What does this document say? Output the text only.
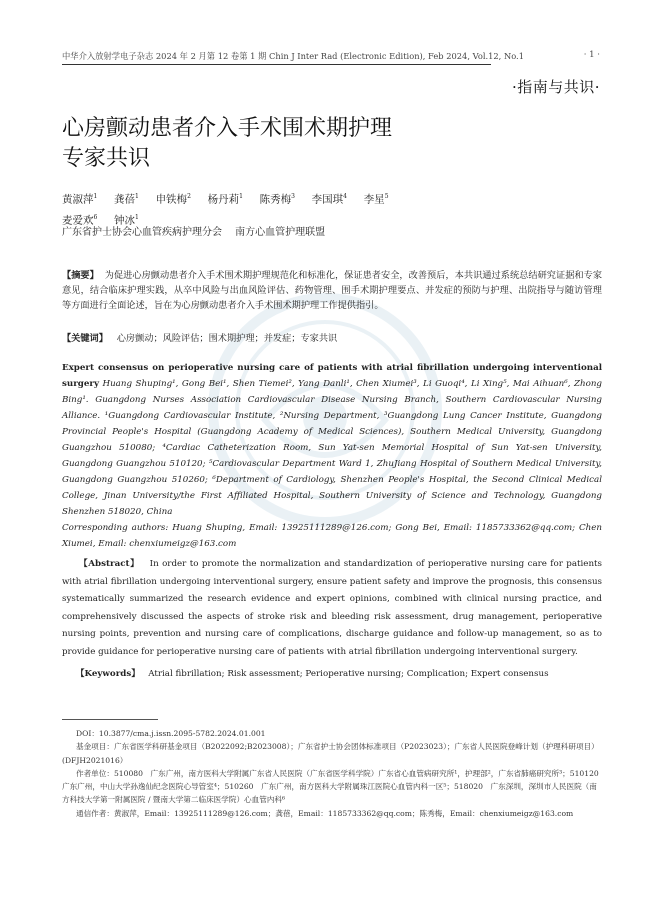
中华介入放射学电子杂志 2024 年 2 月第 12 卷第 1 期 Chin J Inter Rad (Electronic Edition), Feb 2024, Vol.12, No.1	· 1 ·
·指南与共识·
心房颤动患者介入手术围术期护理
专家共识
黄淑萍$^1$ 龚蓓$^1$ 申铁梅$^2$ 杨丹莉$^1$ 陈秀梅$^3$ 李国琪$^4$ 李星$^5$
麦爱欢$^6$ 钟冰$^1$
广东省护士协会心血管疾病护理分会　 南方心血管护理联盟
【摘要】 为促进心房颤动患者介入手术围术期护理规范化和标准化，保证患者安全，改善预后，本共识通过系统总结研究证据和专家意见，结合临床护理实践，从卒中风险与出血风险评估、药物管理、围手术期护理要点、并发症的预防与护理、出院指导与随访管理等方面进行全面论述，旨在为心房颤动患者介入手术围术期护理工作提供指引。
【关键词】 心房颤动；风险评估；围术期护理；并发症；专家共识
Expert consensus on perioperative nursing care of patients with atrial fibrillation undergoing interventional surgery Huang Shuping¹, Gong Bei¹, Shen Tiemei², Yang Danli¹, Chen Xiumei³, Li Guoqi⁴, Li Xing⁵, Mai Aihuan⁶, Zhong Bing¹. Guangdong Nurses Association Cardiovascular Disease Nursing Branch, Southern Cardiovascular Nursing Alliance. ¹Guangdong Cardiovascular Institute, ²Nursing Department, ³Guangdong Lung Cancer Institute, Guangdong Provincial People's Hospital (Guangdong Academy of Medical Sciences), Southern Medical University, Guangdong Guangzhou 510080; ⁴Cardiac Catheterization Room, Sun Yat-sen Memorial Hospital of Sun Yat-sen University, Guangdong Guangzhou 510120; ⁵Cardiovascular Department Ward 1, ZhuJiang Hospital of Southern Medical University, Guangdong Guangzhou 510260; ⁶Department of Cardiology, Shenzhen People's Hospital, the Second Clinical Medical College, Jinan University/the First Affiliated Hospital, Southern University of Science and Technology, Guangdong Shenzhen 518020, China
Corresponding authors: Huang Shuping, Email: 13925111289@126.com; Gong Bei, Email: 1185733362@qq.com; Chen Xiumei, Email: chenxiumeigz@163.com
【Abstract】 In order to promote the normalization and standardization of perioperative nursing care for patients with atrial fibrillation undergoing interventional surgery, ensure patient safety and improve the prognosis, this consensus systematically summarized the research evidence and expert opinions, combined with clinical nursing practice, and comprehensively discussed the aspects of stroke risk and bleeding risk assessment, drug management, perioperative nursing points, prevention and nursing care of complications, discharge guidance and follow-up management, so as to provide guidance for perioperative nursing care of patients with atrial fibrillation undergoing interventional surgery.
【Keywords】 Atrial fibrillation; Risk assessment; Perioperative nursing; Complication; Expert consensus

DOI：10.3877/cma.j.issn.2095-5782.2024.01.001

基金项目：广东省医学科研基金项目（B2022092;B2023008）；广东省护士协会团体标准项目（P2023023）；广东省人民医院登峰计划（护理科研项目）(DFJH2021016）

作者单位：510080　广东广州，南方医科大学附属广东省人民医院（广东省医学科学院）广东省心血管病研究所¹，护理部²，广东省肺癌研究所³；510120　广东广州，中山大学孙逸仙纪念医院心导管室⁴；510260　广东广州，南方医科大学附属珠江医院心血管内科一区⁵；518020　广东深圳，深圳市人民医院（南方科技大学第一附属医院 / 暨南大学第二临床医学院）心血管内科⁶

通信作者：黄淑萍，Email：13925111289@126.com；龚蓓，Email：1185733362@qq.com；陈秀梅，Email：chenxiumeigz@163.com
